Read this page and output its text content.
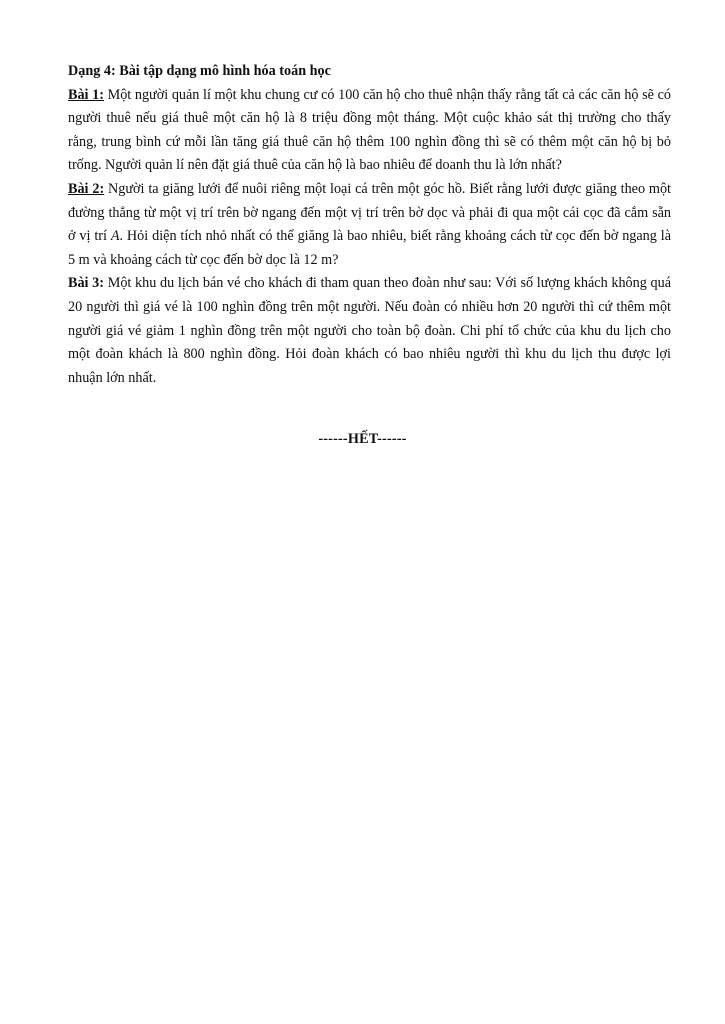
Dạng 4: Bài tập dạng mô hình hóa toán học

Bài 1: Một người quản lí một khu chung cư có 100 căn hộ cho thuê nhận thấy rằng tất cả các căn hộ sẽ có người thuê nếu giá thuê một căn hộ là 8 triệu đồng một tháng. Một cuộc khảo sát thị trường cho thấy rằng, trung bình cứ mỗi lần tăng giá thuê căn hộ thêm 100 nghìn đồng thì sẽ có thêm một căn hộ bị bỏ trống. Người quản lí nên đặt giá thuê của căn hộ là bao nhiêu để doanh thu là lớn nhất?

Bài 2: Người ta giăng lưới để nuôi riêng một loại cá trên một góc hồ. Biết rằng lưới được giăng theo một đường thẳng từ một vị trí trên bờ ngang đến một vị trí trên bờ dọc và phải đi qua một cái cọc đã cắm sẵn ở vị trí A. Hỏi diện tích nhỏ nhất có thể giăng là bao nhiêu, biết rằng khoảng cách từ cọc đến bờ ngang là 5 m và khoảng cách từ cọc đến bờ dọc là 12 m?

Bài 3: Một khu du lịch bán vé cho khách đi tham quan theo đoàn như sau: Với số lượng khách không quá 20 người thì giá vé là 100 nghìn đồng trên một người. Nếu đoàn có nhiều hơn 20 người thì cứ thêm một người giá vé giảm 1 nghìn đồng trên một người cho toàn bộ đoàn. Chi phí tổ chức của khu du lịch cho một đoàn khách là 800 nghìn đồng. Hỏi đoàn khách có bao nhiêu người thì khu du lịch thu được lợi nhuận lớn nhất.

------HẾT------
